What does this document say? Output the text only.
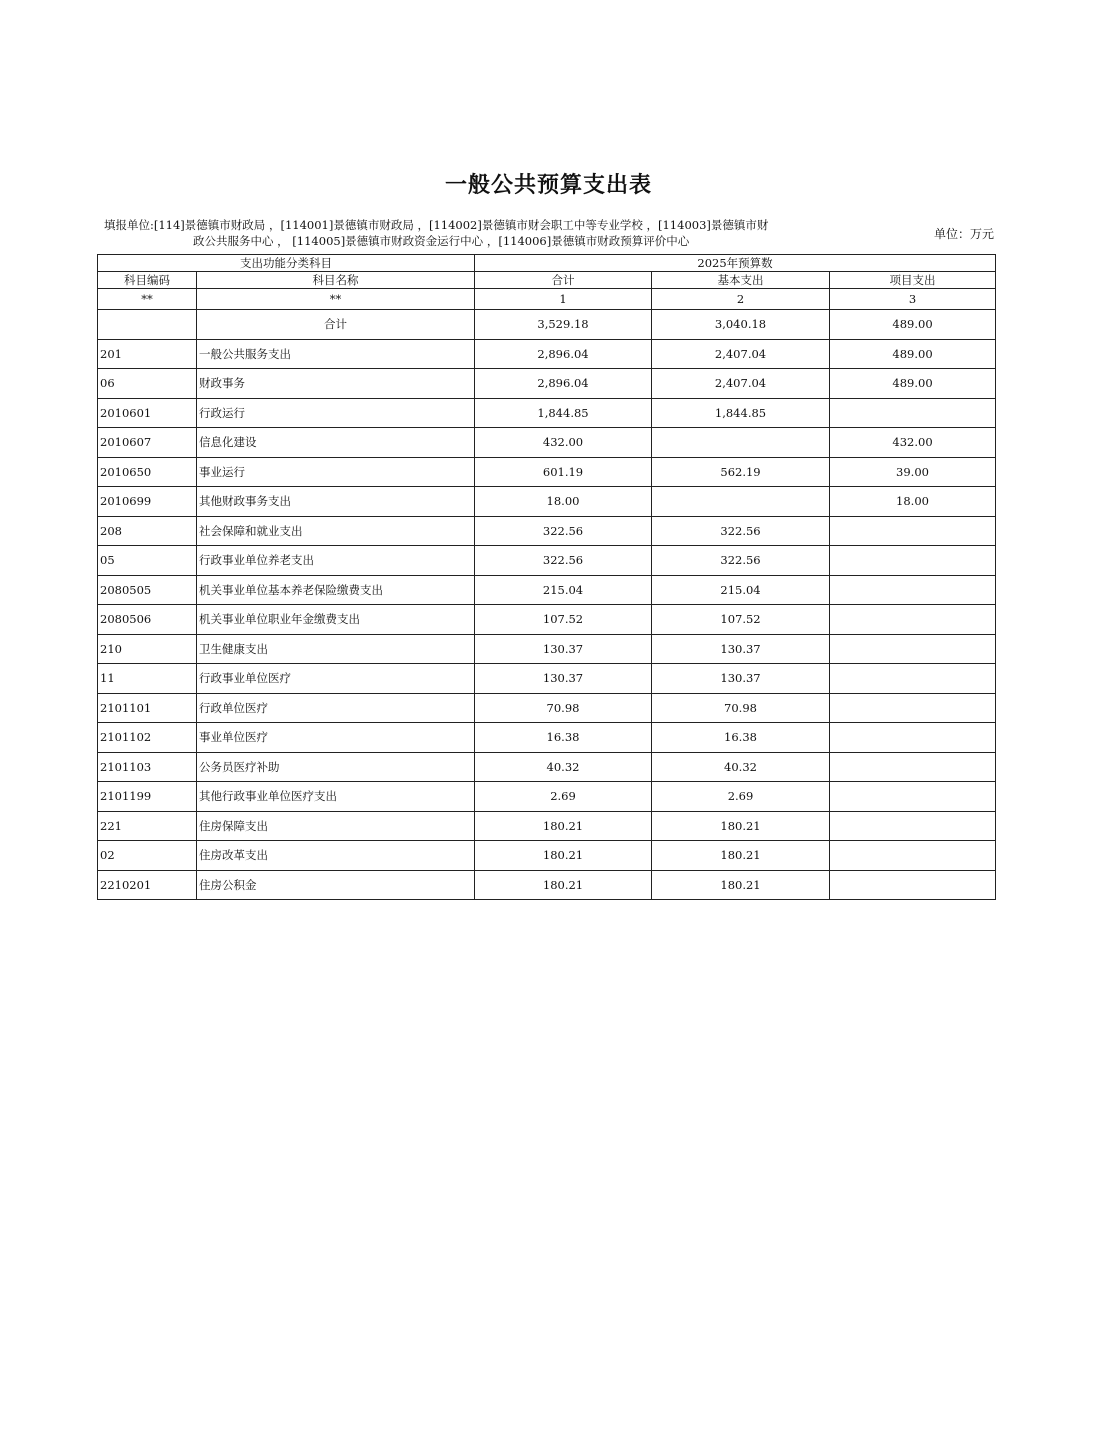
一般公共预算支出表
填报单位:[114]景德镇市财政局 ，[114001]景德镇市财政局 ，[114002]景德镇市财会职工中等专业学校 ，[114003]景德镇市财
政公共服务中心 ， [114005]景德镇市财政资金运行中心 ，[114006]景德镇市财政预算评价中心	单位：万元
支出功能分类科目		2025年预算数		
科目编码	科目名称	合计	基本支出	项目支出
**	**	1	2	3
	合计	3,529.18	3,040.18	489.00
201	一般公共服务支出	2,896.04	2,407.04	489.00
06	财政事务	2,896.04	2,407.04	489.00
2010601	行政运行	1,844.85	1,844.85	
2010607	信息化建设	432.00		432.00
2010650	事业运行	601.19	562.19	39.00
2010699	其他财政事务支出	18.00		18.00
208	社会保障和就业支出	322.56	322.56	
05	行政事业单位养老支出	322.56	322.56	
2080505	机关事业单位基本养老保险缴费支出	215.04	215.04	
2080506	机关事业单位职业年金缴费支出	107.52	107.52	
210	卫生健康支出	130.37	130.37	
11	行政事业单位医疗	130.37	130.37	
2101101	行政单位医疗	70.98	70.98	
2101102	事业单位医疗	16.38	16.38	
2101103	公务员医疗补助	40.32	40.32	
2101199	其他行政事业单位医疗支出	2.69	2.69	
221	住房保障支出	180.21	180.21	
02	住房改革支出	180.21	180.21	
2210201	住房公积金	180.21	180.21	
